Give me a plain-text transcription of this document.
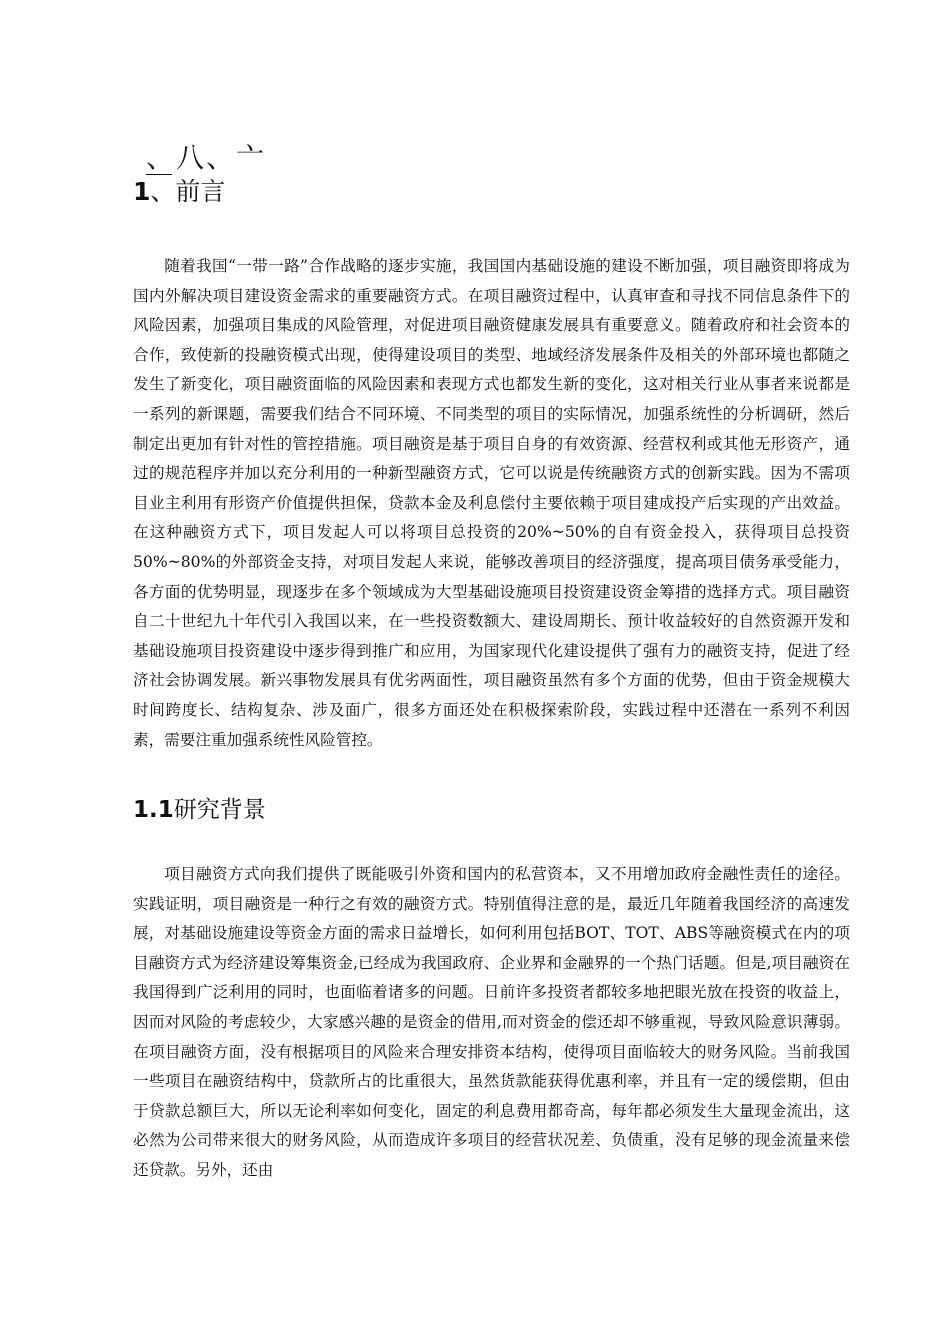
、八、亠
1、前言

随着我国“一带一路”合作战略的逐步实施，我国国内基础设施的建设不断加强，项目融资即将成为国内外解决项目建设资金需求的重要融资方式。在项目融资过程中，认真审查和寻找不同信息条件下的风险因素，加强项目集成的风险管理，对促进项目融资健康发展具有重要意义。随着政府和社会资本的合作，致使新的投融资模式出现，使得建设项目的类型、地域经济发展条件及相关的外部环境也都随之发生了新变化，项目融资面临的风险因素和表现方式也都发生新的变化，这对相关行业从事者来说都是一系列的新课题，需要我们结合不同环境、不同类型的项目的实际情况，加强系统性的分析调研，然后制定出更加有针对性的管控措施。项目融资是基于项目自身的有效资源、经营权利或其他无形资产，通过的规范程序并加以充分利用的一种新型融资方式，它可以说是传统融资方式的创新实践。因为不需项目业主利用有形资产价值提供担保，贷款本金及利息偿付主要依赖于项目建成投产后实现的产出效益。在这种融资方式下，项目发起人可以将项目总投资的20%~50%的自有资金投入，获得项目总投资50%~80%的外部资金支持，对项目发起人来说，能够改善项目的经济强度，提高项目债务承受能力，各方面的优势明显，现逐步在多个领域成为大型基础设施项目投资建设资金筹措的选择方式。项目融资自二十世纪九十年代引入我国以来，在一些投资数额大、建设周期长、预计收益较好的自然资源开发和基础设施项目投资建设中逐步得到推广和应用，为国家现代化建设提供了强有力的融资支持，促进了经济社会协调发展。新兴事物发展具有优劣两面性，项目融资虽然有多个方面的优势，但由于资金规模大时间跨度长、结构复杂、涉及面广，很多方面还处在积极探索阶段，实践过程中还潜在一系列不利因素，需要注重加强系统性风险管控。

1.1研究背景

项目融资方式向我们提供了既能吸引外资和国内的私营资本，又不用增加政府金融性责任的途径。实践证明，项目融资是一种行之有效的融资方式。特别值得注意的是，最近几年随着我国经济的高速发展，对基础设施建设等资金方面的需求日益增长，如何利用包括BOT、TOT、ABS等融资模式在内的项目融资方式为经济建设筹集资金,已经成为我国政府、企业界和金融界的一个热门话题。但是,项目融资在我国得到广泛利用的同时，也面临着诸多的问题。日前许多投资者都较多地把眼光放在投资的收益上，因而对风险的考虑较少，大家感兴趣的是资金的借用,而对资金的偿还却不够重视，导致风险意识薄弱。在项目融资方面，没有根据项目的风险来合理安排资本结构，使得项目面临较大的财务风险。当前我国一些项目在融资结构中，贷款所占的比重很大，虽然货款能获得优惠利率，并且有一定的缓偿期，但由于贷款总额巨大，所以无论利率如何变化，固定的利息费用都奇高，每年都必须发生大量现金流出，这必然为公司带来很大的财务风险，从而造成许多项目的经营状况差、负债重，没有足够的现金流量来偿还贷款。另外，还由
